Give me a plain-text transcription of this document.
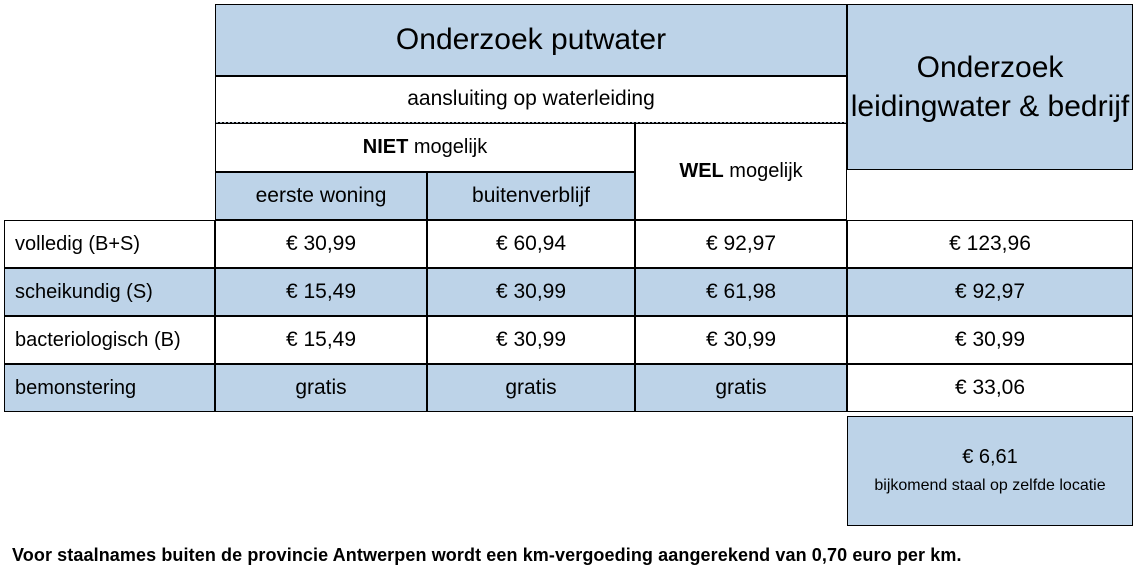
Onderzoek putwater
Onderzoek leidingwater & bedrijf
aansluiting op waterleiding
NIET mogelijk
WEL mogelijk
eerste woning	buitenverblijf
volledig (B+S)	€ 30,99	€ 60,94	€ 92,97	€ 123,96
scheikundig (S)	€ 15,49	€ 30,99	€ 61,98	€ 92,97
bacteriologisch (B)	€ 15,49	€ 30,99	€ 30,99	€ 30,99
bemonstering	gratis	gratis	gratis	€ 33,06
€ 6,61
bijkomend staal op zelfde locatie
Voor staalnames buiten de provincie Antwerpen wordt een km-vergoeding aangerekend van 0,70 euro per km.
